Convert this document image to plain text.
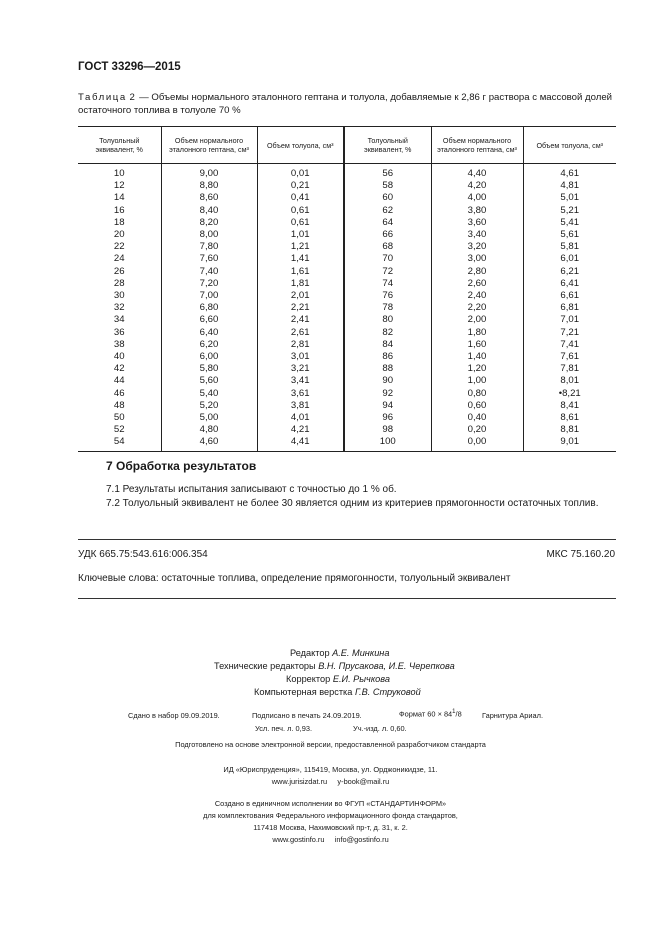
ГОСТ 33296—2015
Таблица 2 — Объемы нормального эталонного гептана и толуола, добавляемые к 2,86 г раствора с массовой долей остаточного топлива в толуоле 70 %
Толуольный эквивалент, %	Объем нормального эталонного гептана, см³	Объем толуола, см³	Толуольный эквивалент, %	Объем нормального эталонного гептана, см³	Объем толуола, см³
10	9,00	0,01	56	4,40	4,61
12	8,80	0,21	58	4,20	4,81
14	8,60	0,41	60	4,00	5,01
16	8,40	0,61	62	3,80	5,21
18	8,20	0,61	64	3,60	5,41
20	8,00	1,01	66	3,40	5,61
22	7,80	1,21	68	3,20	5,81
24	7,60	1,41	70	3,00	6,01
26	7,40	1,61	72	2,80	6,21
28	7,20	1,81	74	2,60	6,41
30	7,00	2,01	76	2,40	6,61
32	6,80	2,21	78	2,20	6,81
34	6,60	2,41	80	2,00	7,01
36	6,40	2,61	82	1,80	7,21
38	6,20	2,81	84	1,60	7,41
40	6,00	3,01	86	1,40	7,61
42	5,80	3,21	88	1,20	7,81
44	5,60	3,41	90	1,00	8,01
46	5,40	3,61	92	0,80	•8,21
48	5,20	3,81	94	0,60	8,41
50	5,00	4,01	96	0,40	8,61
52	4,80	4,21	98	0,20	8,81
54	4,60	4,41	100	0,00	9,01
7 Обработка результатов
7.1 Результаты испытания записывают с точностью до 1 % об.
7.2 Толуольный эквивалент не более 30 является одним из критериев прямогонности остаточных топлив.
УДК 665.75:543.616:006.354	МКС 75.160.20
Ключевые слова: остаточные топлива, определение прямогонности, толуольный эквивалент
Редактор А.Е. Минкина
Технические редакторы В.Н. Прусакова, И.Е. Черепкова
Корректор Е.И. Рычкова
Компьютерная верстка Г.В. Струковой
Сдано в набор 09.09.2019.	Подписано в печать 24.09.2019.	Формат $60 \times 84^1/8$	Гарнитура Ариал.
Усл. печ. л. 0,93.	Уч.-изд. л. 0,60.
Подготовлено на основе электронной версии, предоставленной разработчиком стандарта
ИД «Юриспруденция», 115419, Москва, ул. Орджоникидзе, 11.
www.jurisizdat.ru     y-book@mail.ru
Создано в единичном исполнении во ФГУП «СТАНДАРТИНФОРМ»
для комплектования Федерального информационного фонда стандартов,
117418 Москва, Нахимовский пр-т, д. 31, к. 2.
www.gostinfo.ru     info@gostinfo.ru
